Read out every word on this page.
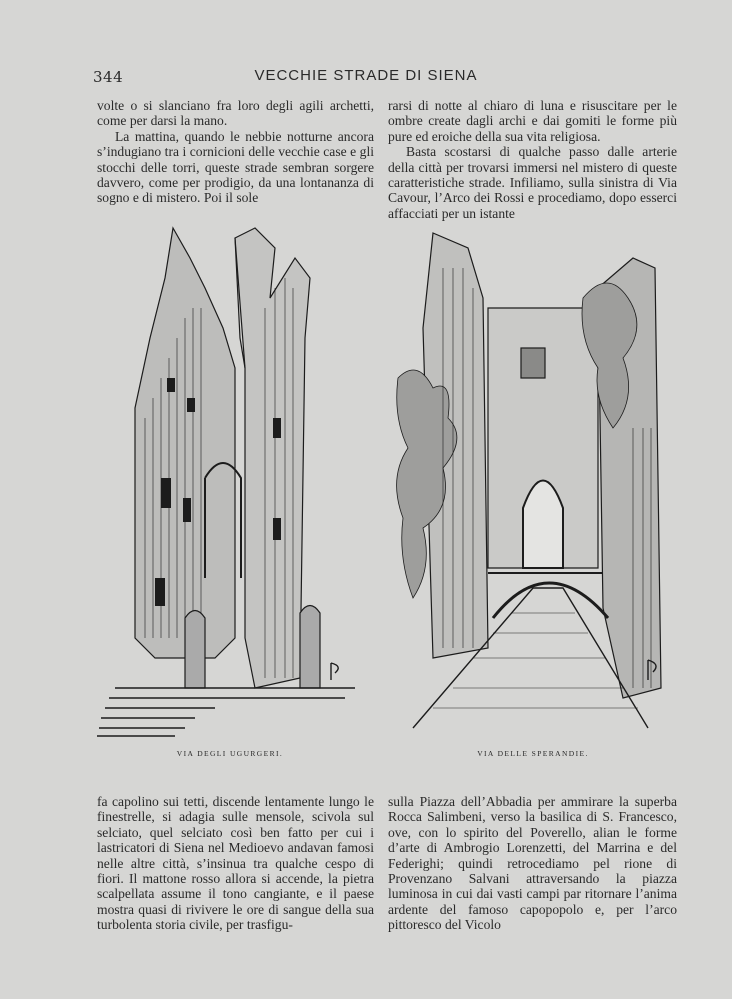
344	VECCHIE STRADE DI SIENA

volte o si slanciano fra loro degli agili archetti, come per darsi la mano.

La mattina, quando le nebbie notturne ancora s’indugiano tra i cornicioni delle vecchie case e gli stocchi delle torri, queste strade sembran sorgere davvero, come per prodigio, da una lontananza di sogno e di mistero. Poi il sole

rarsi di notte al chiaro di luna e risuscitare per le ombre create dagli archi e dai gomiti le forme più pure ed eroiche della sua vita religiosa.

Basta scostarsi di qualche passo dalle arterie della città per trovarsi immersi nel mistero di queste caratteristiche strade. Infiliamo, sulla sinistra di Via Cavour, l’Arco dei Rossi e procediamo, dopo esserci affacciati per un istante

VIA DEGLI UGURGERI.	VIA DELLE SPERANDIE.

fa capolino sui tetti, discende lentamente lungo le finestrelle, si adagia sulle mensole, scivola sul selciato, quel selciato così ben fatto per cui i lastricatori di Siena nel Medioevo andavan famosi nelle altre città, s’insinua tra qualche cespo di fiori. Il mattone rosso allora si accende, la pietra scalpellata assume il tono cangiante, e il paese mostra quasi di rivivere le ore di sangue della sua turbolenta storia civile, per trasfigu-

sulla Piazza dell’Abbadia per ammirare la superba Rocca Salimbeni, verso la basilica di S. Francesco, ove, con lo spirito del Poverello, alian le forme d’arte di Ambrogio Lorenzetti, del Marrina e del Federighi; quindi retrocediamo pel rione di Provenzano Salvani attraversando la piazza luminosa in cui dai vasti campi par ritornare l’anima ardente del famoso capopopolo e, per l’arco pittoresco del Vicolo
